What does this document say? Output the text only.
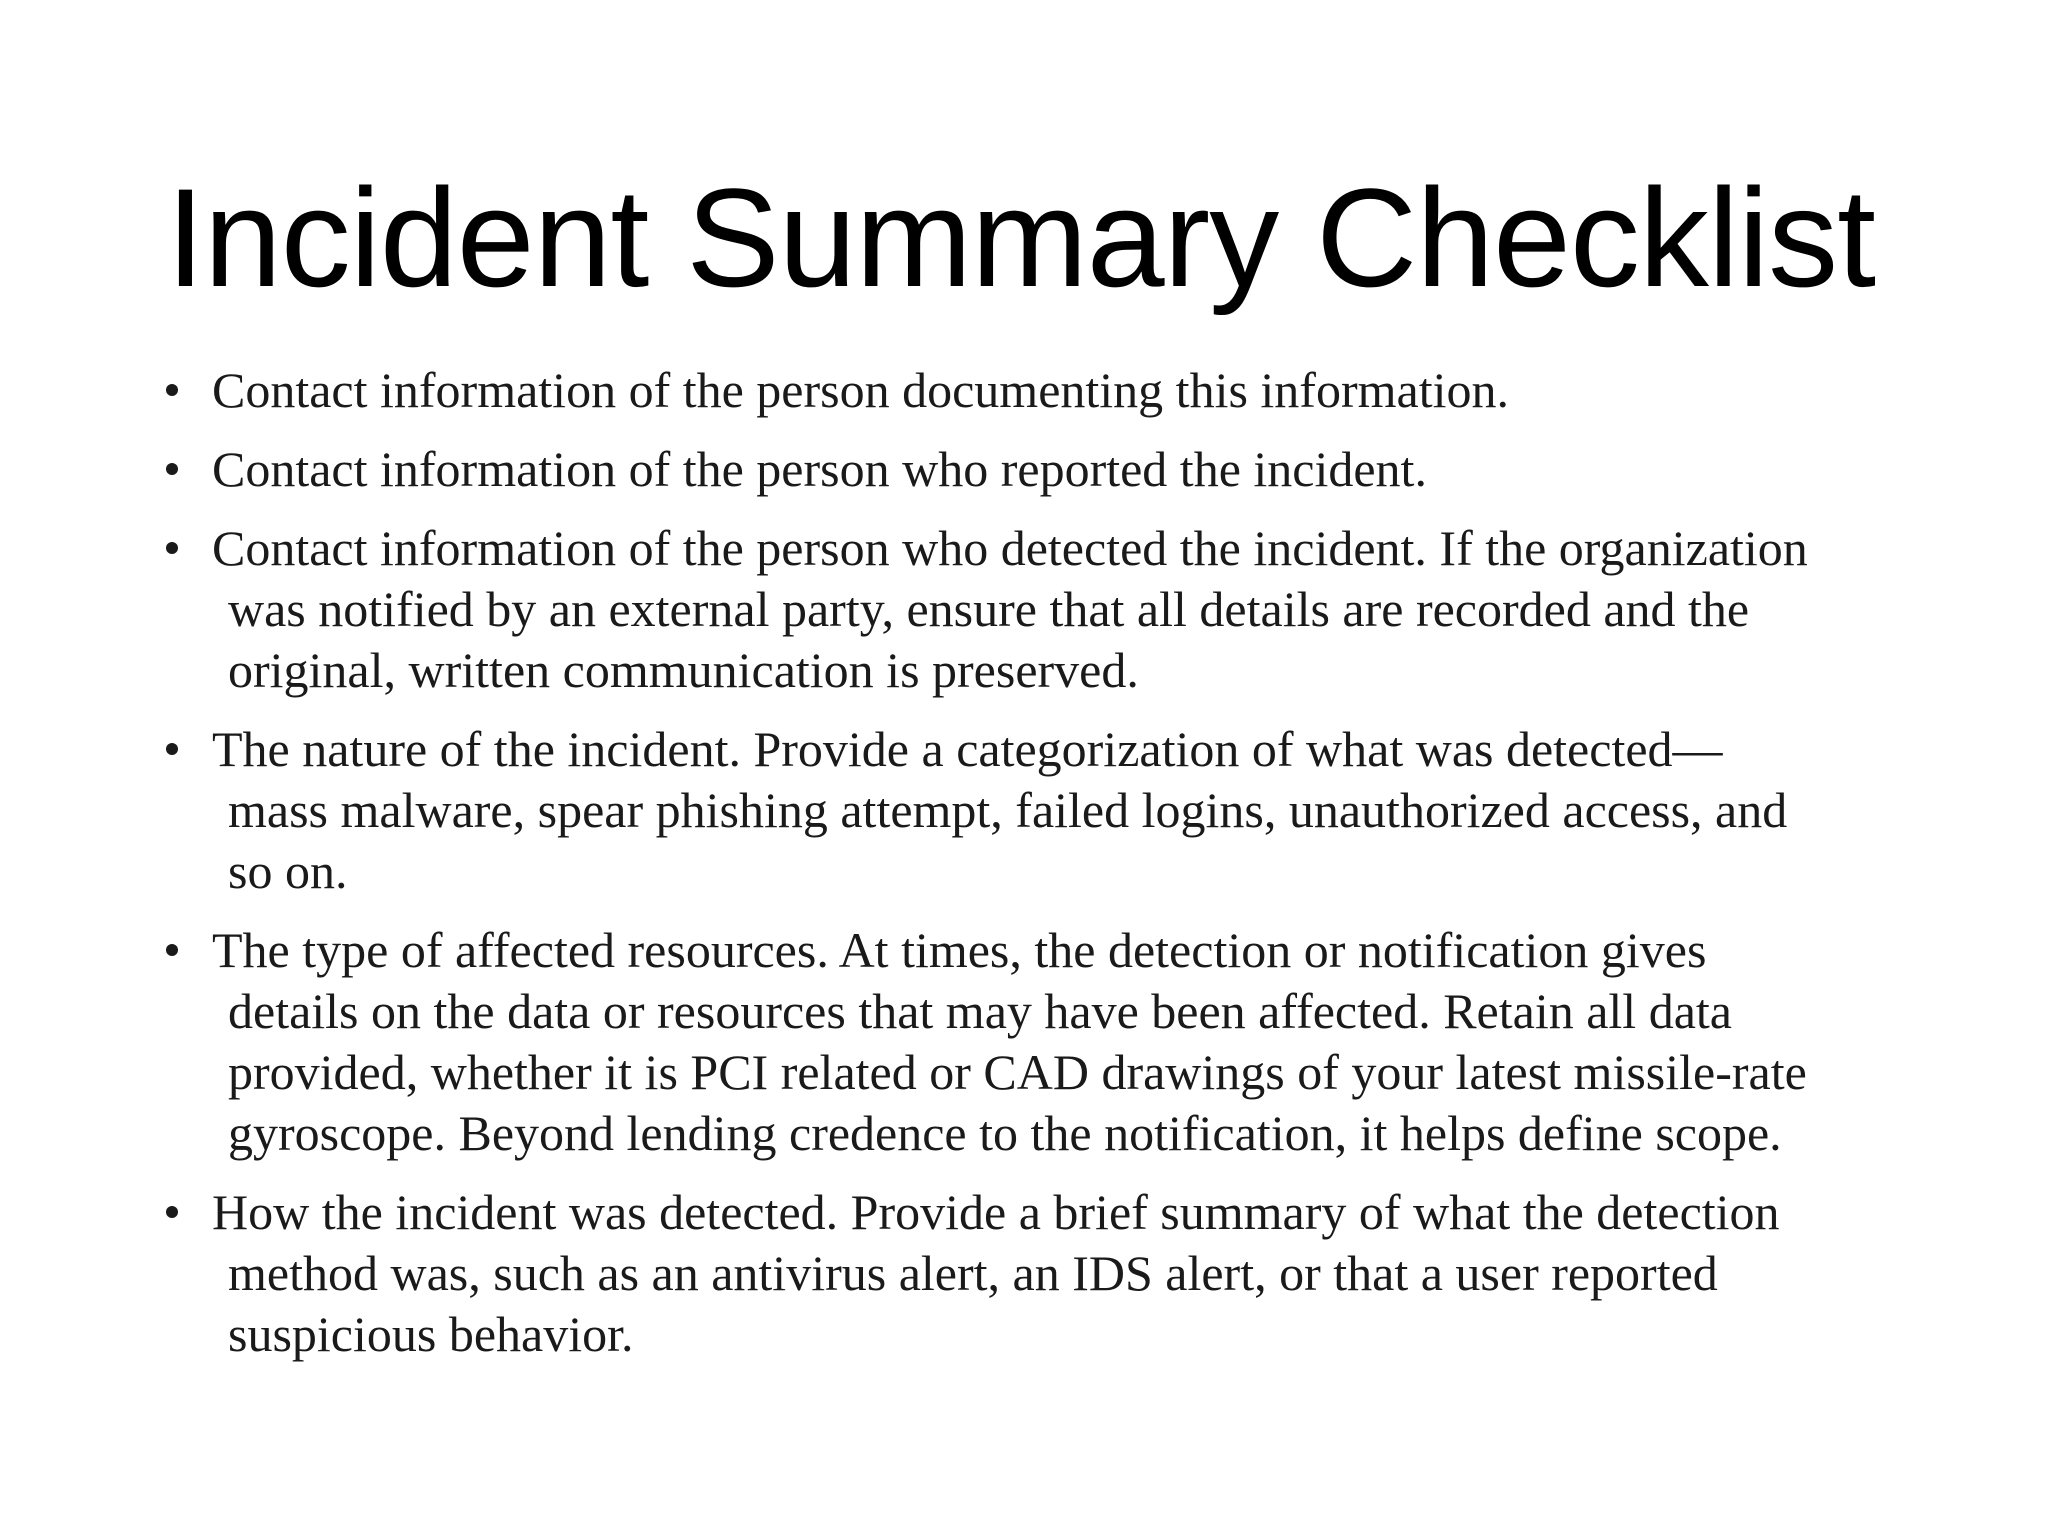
Incident Summary Checklist
Contact information of the person documenting this information.
Contact information of the person who reported the incident.
Contact information of the person who detected the incident. If the organization was notified by an external party, ensure that all details are recorded and the original, written communication is preserved.
The nature of the incident. Provide a categorization of what was detected—mass malware, spear phishing attempt, failed logins, unauthorized access, and so on.
The type of affected resources. At times, the detection or notification gives details on the data or resources that may have been affected. Retain all data provided, whether it is PCI related or CAD drawings of your latest missile-rate gyroscope. Beyond lending credence to the notification, it helps define scope.
How the incident was detected. Provide a brief summary of what the detection method was, such as an antivirus alert, an IDS alert, or that a user reported suspicious behavior.
